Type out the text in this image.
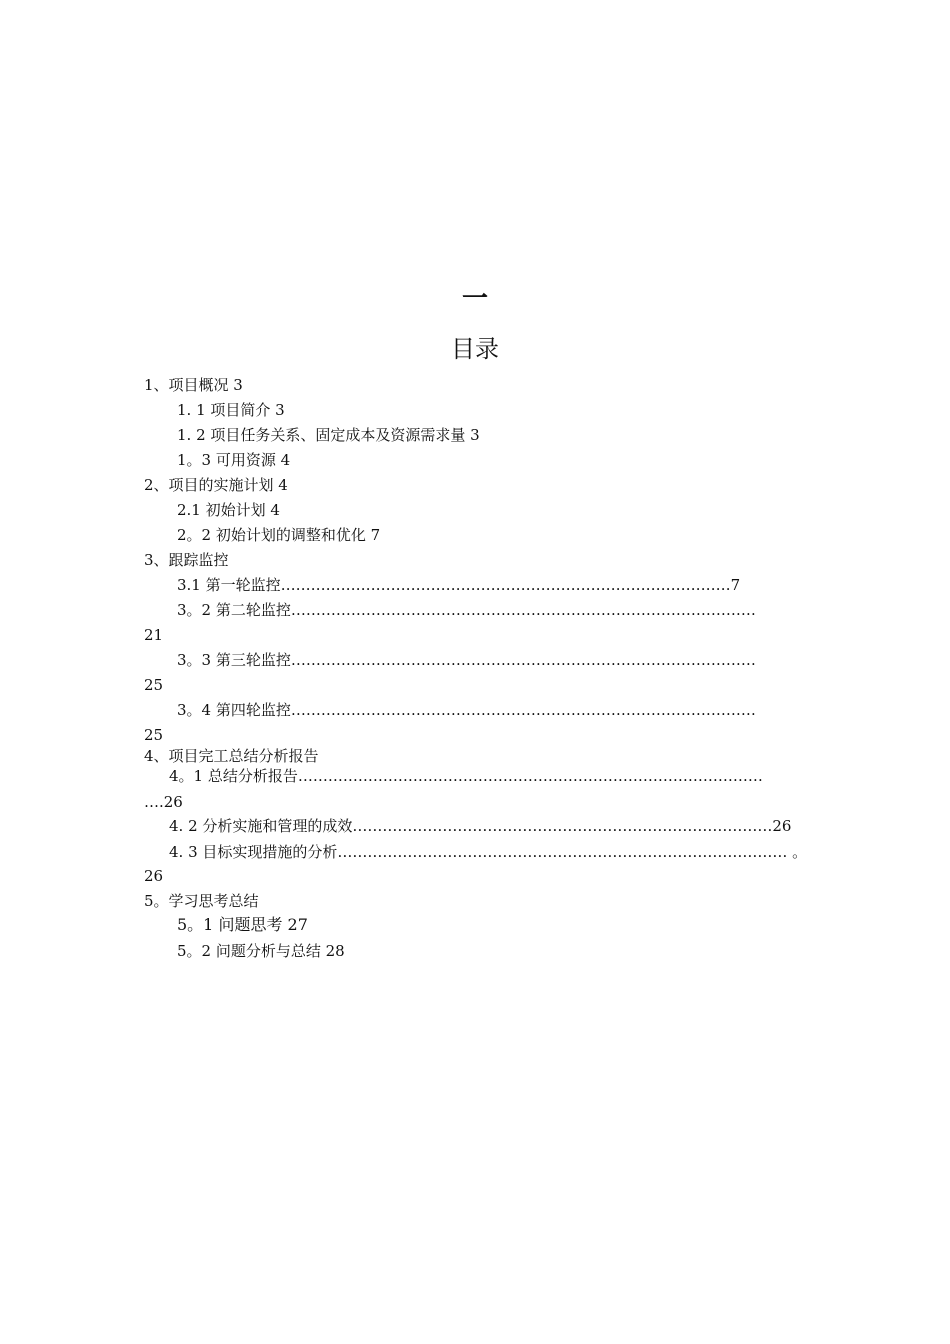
一
目录
1、项目概况 3
1. 1 项目简介 3
1. 2 项目任务关系、固定成本及资源需求量 3
1。3 可用资源 4
2、项目的实施计划 4
2.1 初始计划 4
2。2 初始计划的调整和优化 7
3、跟踪监控
3.1 第一轮监控………………………………………………………………………………7
3。2 第二轮监控…………………………………………………………………………………
21
3。3 第三轮监控…………………………………………………………………………………
25
3。4 第四轮监控…………………………………………………………………………………
25
4、项目完工总结分析报告
4。1 总结分析报告…………………………………………………………………………………
….26
4. 2 分析实施和管理的成效…………………………………………………………………………26
4. 3 目标实现措施的分析……………………………………………………………………………… 。
26
5。学习思考总结
5。1 问题思考 27
5。2 问题分析与总结 28
